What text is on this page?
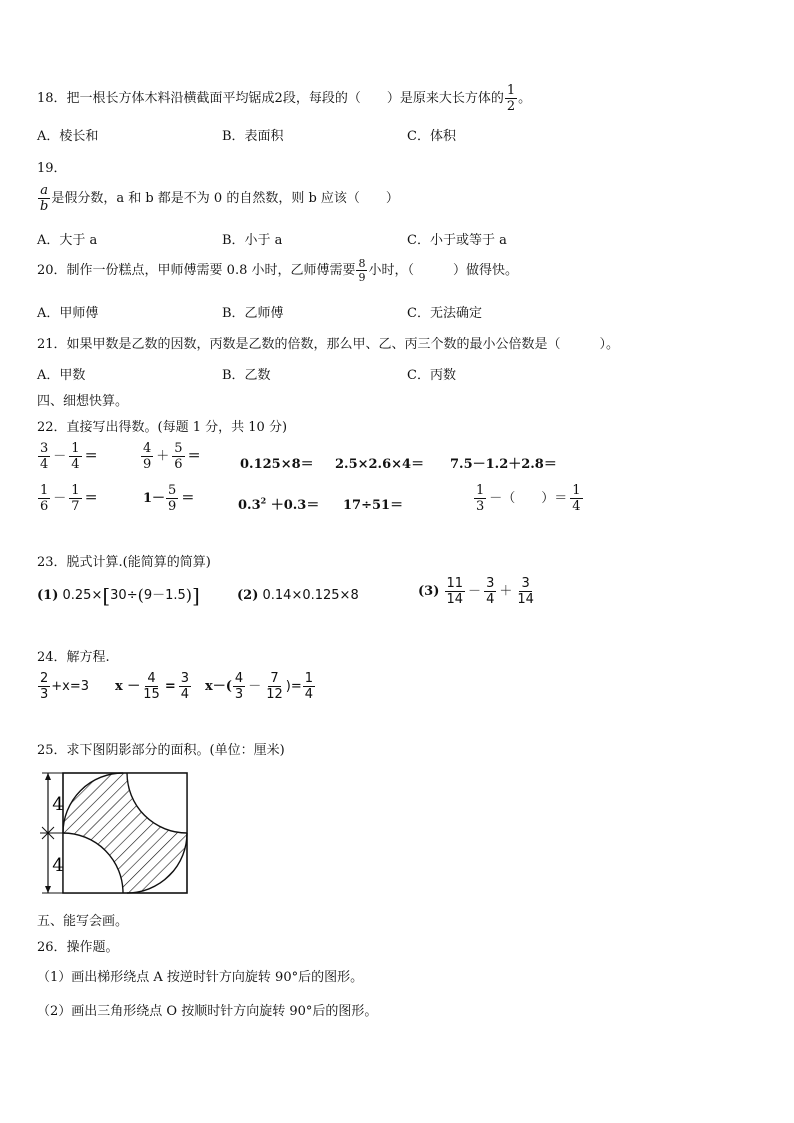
18．把一根长方体木料沿横截面平均锯成2段，每段的（　　）是原来大长方体的 $\frac{1}{2}$ 。
A．棱长和	B．表面积	C．体积
19．
$\frac{a}{b}$ 是假分数，a 和 b 都是不为 0 的自然数，则 b 应该（　　）
A．大于 a	B．小于 a	C．小于或等于 a
20．制作一份糕点，甲师傅需要 0.8 小时，乙师傅需要 $\frac{8}{9}$ 小时，（　　　）做得快。
A．甲师傅	B．乙师傅	C．无法确定
21．如果甲数是乙数的因数，丙数是乙数的倍数，那么甲、乙、丙三个数的最小公倍数是（　　　）。
A．甲数	B．乙数	C．丙数
四、细想快算。
22．直接写出得数。(每题 1 分，共 10 分)
$\frac{3}{4} - \frac{1}{4}$ ＝	$\frac{4}{9} + \frac{5}{6}$ ＝
0.125×8＝ 2.5×2.6×4＝ 7.5－1.2＋2.8＝
$\frac{1}{6} - \frac{1}{7}$ ＝	$1- \frac{5}{9}$ ＝	$0.3^2 +0.3= 17\div 51=$	$\frac{1}{3}$ －（　　）＝ $\frac{1}{4}$
23．脱式计算.(能简算的简算)
(1) 0.25×[30÷(9－1.5)]	(2) 0.14×0.125×8	$(3) \frac{11}{14} - \frac{3}{4} + \frac{3}{14}$
24．解方程.
$\frac{2}{3} +x=3$ $x - \frac{4}{15} = \frac{3}{4} x-( \frac{4}{3} - \frac{7}{12}$ )= $\frac{1}{4}$
25．求下图阴影部分的面积。(单位：厘米)
4
4
五、能写会画。
26．操作题。
（1）画出梯形绕点 A 按逆时针方向旋转 90°后的图形。
（2）画出三角形绕点 O 按顺时针方向旋转 90°后的图形。
